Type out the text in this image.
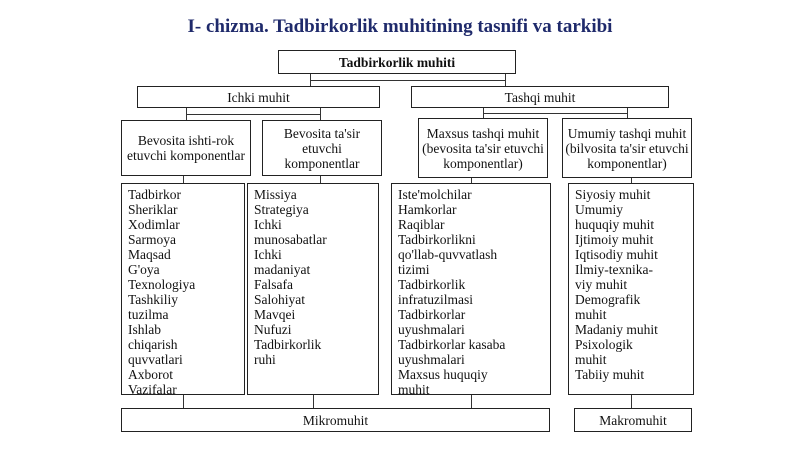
I- chizma. Tadbirkorlik muhitining tasnifi va tarkibi
Tadbirkorlik muhiti
Ichki muhit	Tashqi muhit
Bevosita ishti-rok etuvchi komponentlar
Bevosita ta'sir etuvchi komponentlar
Maxsus tashqi muhit (bevosita ta'sir etuvchi komponentlar)
Umumiy tashqi muhit (bilvosita ta'sir etuvchi komponentlar)
Tadbirkor
Sheriklar
Xodimlar
Sarmoya
Maqsad
G'oya
Texnologiya
Tashkiliy
tuzilma
Ishlab
chiqarish
quvvatlari
Axborot
Vazifalar
Missiya
Strategiya
Ichki
munosabatlar
Ichki
madaniyat
Falsafa
Salohiyat
Mavqei
Nufuzi
Tadbirkorlik
ruhi
Iste'molchilar
Hamkorlar
Raqiblar
Tadbirkorlikni
qo'llab-quvvatlash
tizimi
Tadbirkorlik
infratuzilmasi
Tadbirkorlar
uyushmalari
Tadbirkorlar kasaba
uyushmalari
Maxsus huquqiy
muhit
Siyosiy muhit
Umumiy
huquqiy muhit
Ijtimoiy muhit
Iqtisodiy muhit
Ilmiy-texnika-
viy muhit
Demografik
muhit
Madaniy muhit
Psixologik
muhit
Tabiiy muhit
Mikromuhit	Makromuhit
